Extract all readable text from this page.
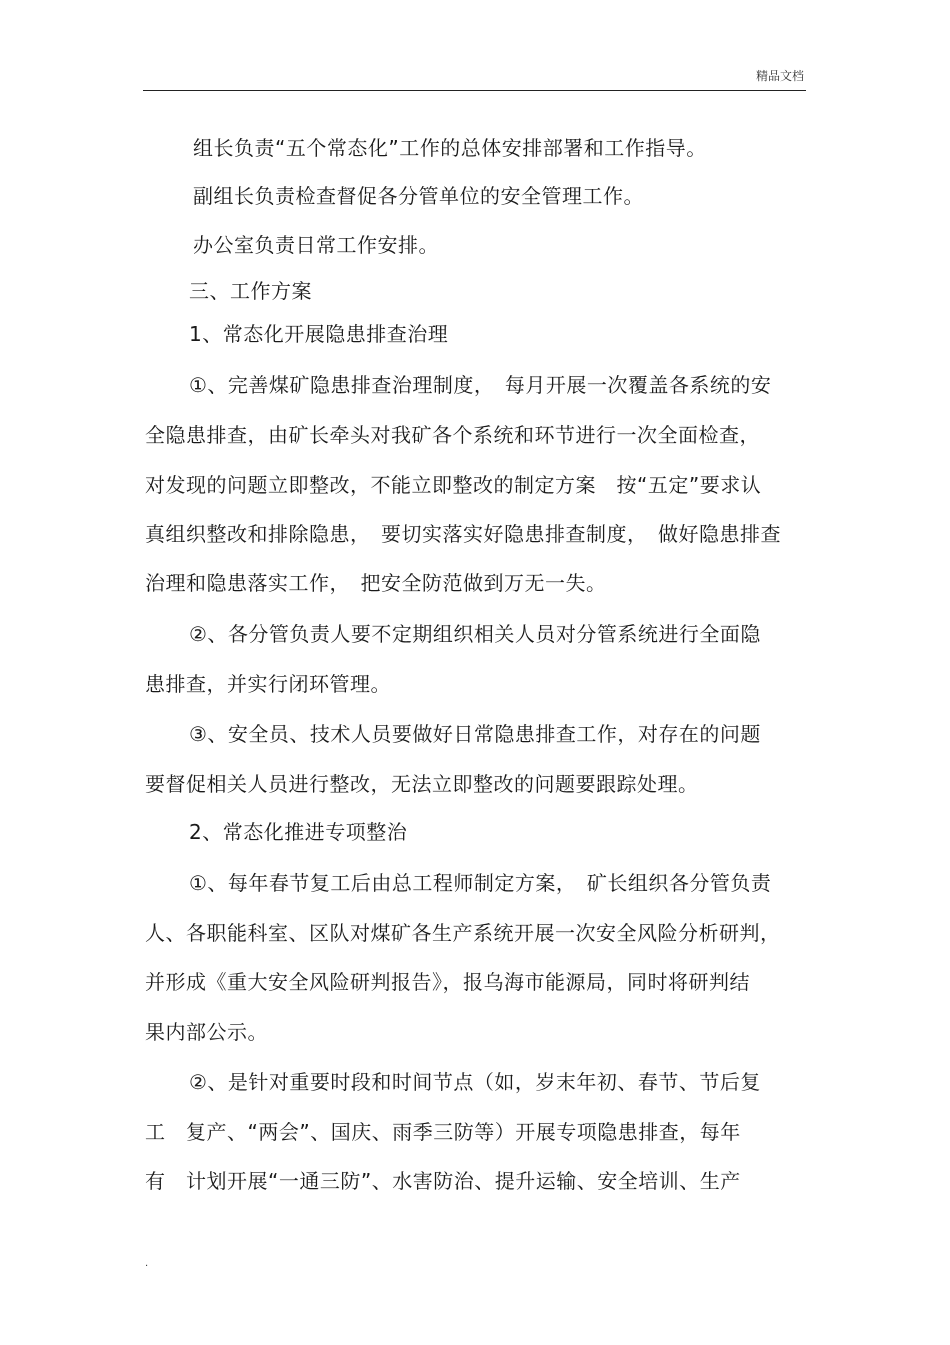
精品文档
组长负责“五个常态化”工作的总体安排部署和工作指导。
副组长负责检查督促各分管单位的安全管理工作。
办公室负责日常工作安排。
三、工作方案
1、常态化开展隐患排查治理
①、完善煤矿隐患排查治理制度，　每月开展一次覆盖各系统的安
全隐患排查，由矿长牵头对我矿各个系统和环节进行一次全面检查，
对发现的问题立即整改，不能立即整改的制定方案　按“五定”要求认
真组织整改和排除隐患，　要切实落实好隐患排查制度，　做好隐患排查
治理和隐患落实工作，　把安全防范做到万无一失。
②、各分管负责人要不定期组织相关人员对分管系统进行全面隐
患排查，并实行闭环管理。
③、安全员、技术人员要做好日常隐患排查工作，对存在的问题
要督促相关人员进行整改，无法立即整改的问题要跟踪处理。
2、常态化推进专项整治
①、每年春节复工后由总工程师制定方案，　矿长组织各分管负责
人、各职能科室、区队对煤矿各生产系统开展一次安全风险分析研判，
并形成《重大安全风险研判报告》，报乌海市能源局，同时将研判结
果内部公示。
②、是针对重要时段和时间节点（如，岁末年初、春节、节后复
工　复产、“两会”、国庆、雨季三防等）开展专项隐患排查，每年
有　计划开展“一通三防”、水害防治、提升运输、安全培训、生产
.
